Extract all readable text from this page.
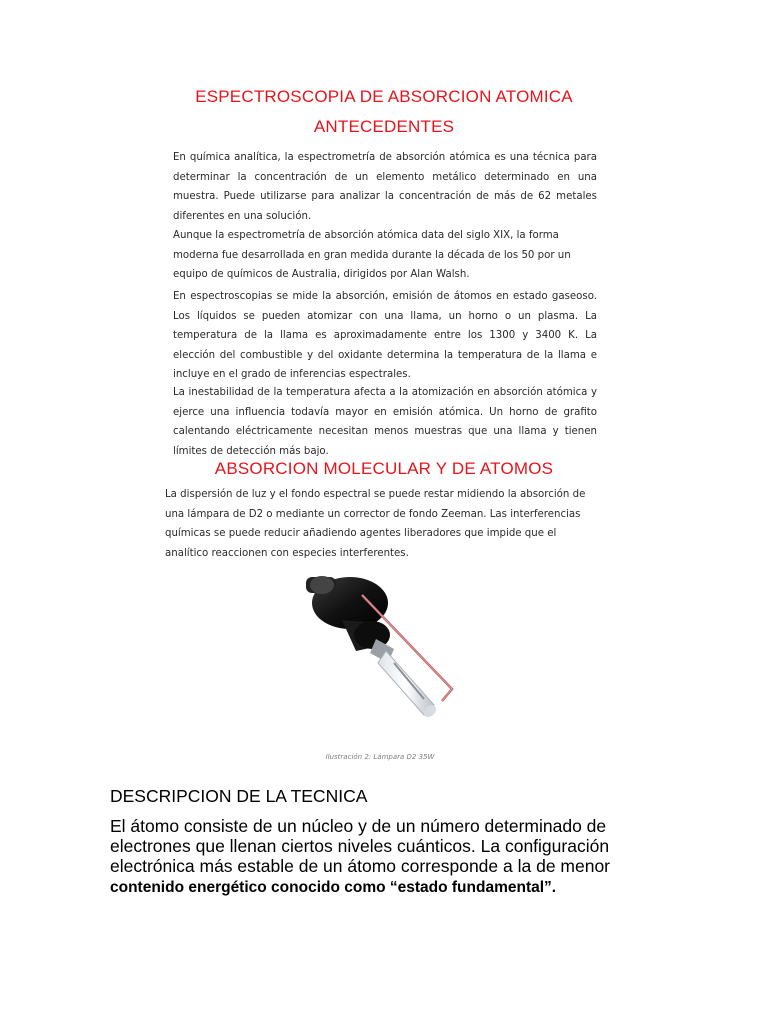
ESPECTROSCOPIA DE ABSORCION ATOMICA
ANTECEDENTES
En química analítica, la espectrometría de absorción atómica es una técnica para determinar la concentración de un elemento metálico determinado en una muestra. Puede utilizarse para analizar la concentración de más de 62 metales diferentes en una solución.
Aunque la espectrometría de absorción atómica data del siglo XIX, la forma moderna fue desarrollada en gran medida durante la década de los 50 por un equipo de químicos de Australia, dirigidos por Alan Walsh.
En espectroscopias se mide la absorción, emisión de átomos en estado gaseoso. Los líquidos se pueden atomizar con una llama, un horno o un plasma. La temperatura de la llama es aproximadamente entre los 1300 y 3400 K. La elección del combustible y del oxidante determina la temperatura de la llama e incluye en el grado de inferencias espectrales.
La inestabilidad de la temperatura afecta a la atomización en absorción atómica y ejerce una influencia todavía mayor en emisión atómica. Un horno de grafito calentando eléctricamente necesitan menos muestras que una llama y tienen límites de detección más bajo.
ABSORCION MOLECULAR Y DE ATOMOS
La dispersión de luz y el fondo espectral se puede restar midiendo la absorción de una lámpara de D2 o mediante un corrector de fondo Zeeman. Las interferencias químicas se puede reducir añadiendo agentes liberadores que impide que el analítico reaccionen con especies interferentes.
Ilustración 2: Lámpara D2 35W
DESCRIPCION DE LA TECNICA
El átomo consiste de un núcleo y de un número determinado de electrones que llenan ciertos niveles cuánticos. La configuración electrónica más estable de un átomo corresponde a la de menor contenido energético conocido como “estado fundamental”.
